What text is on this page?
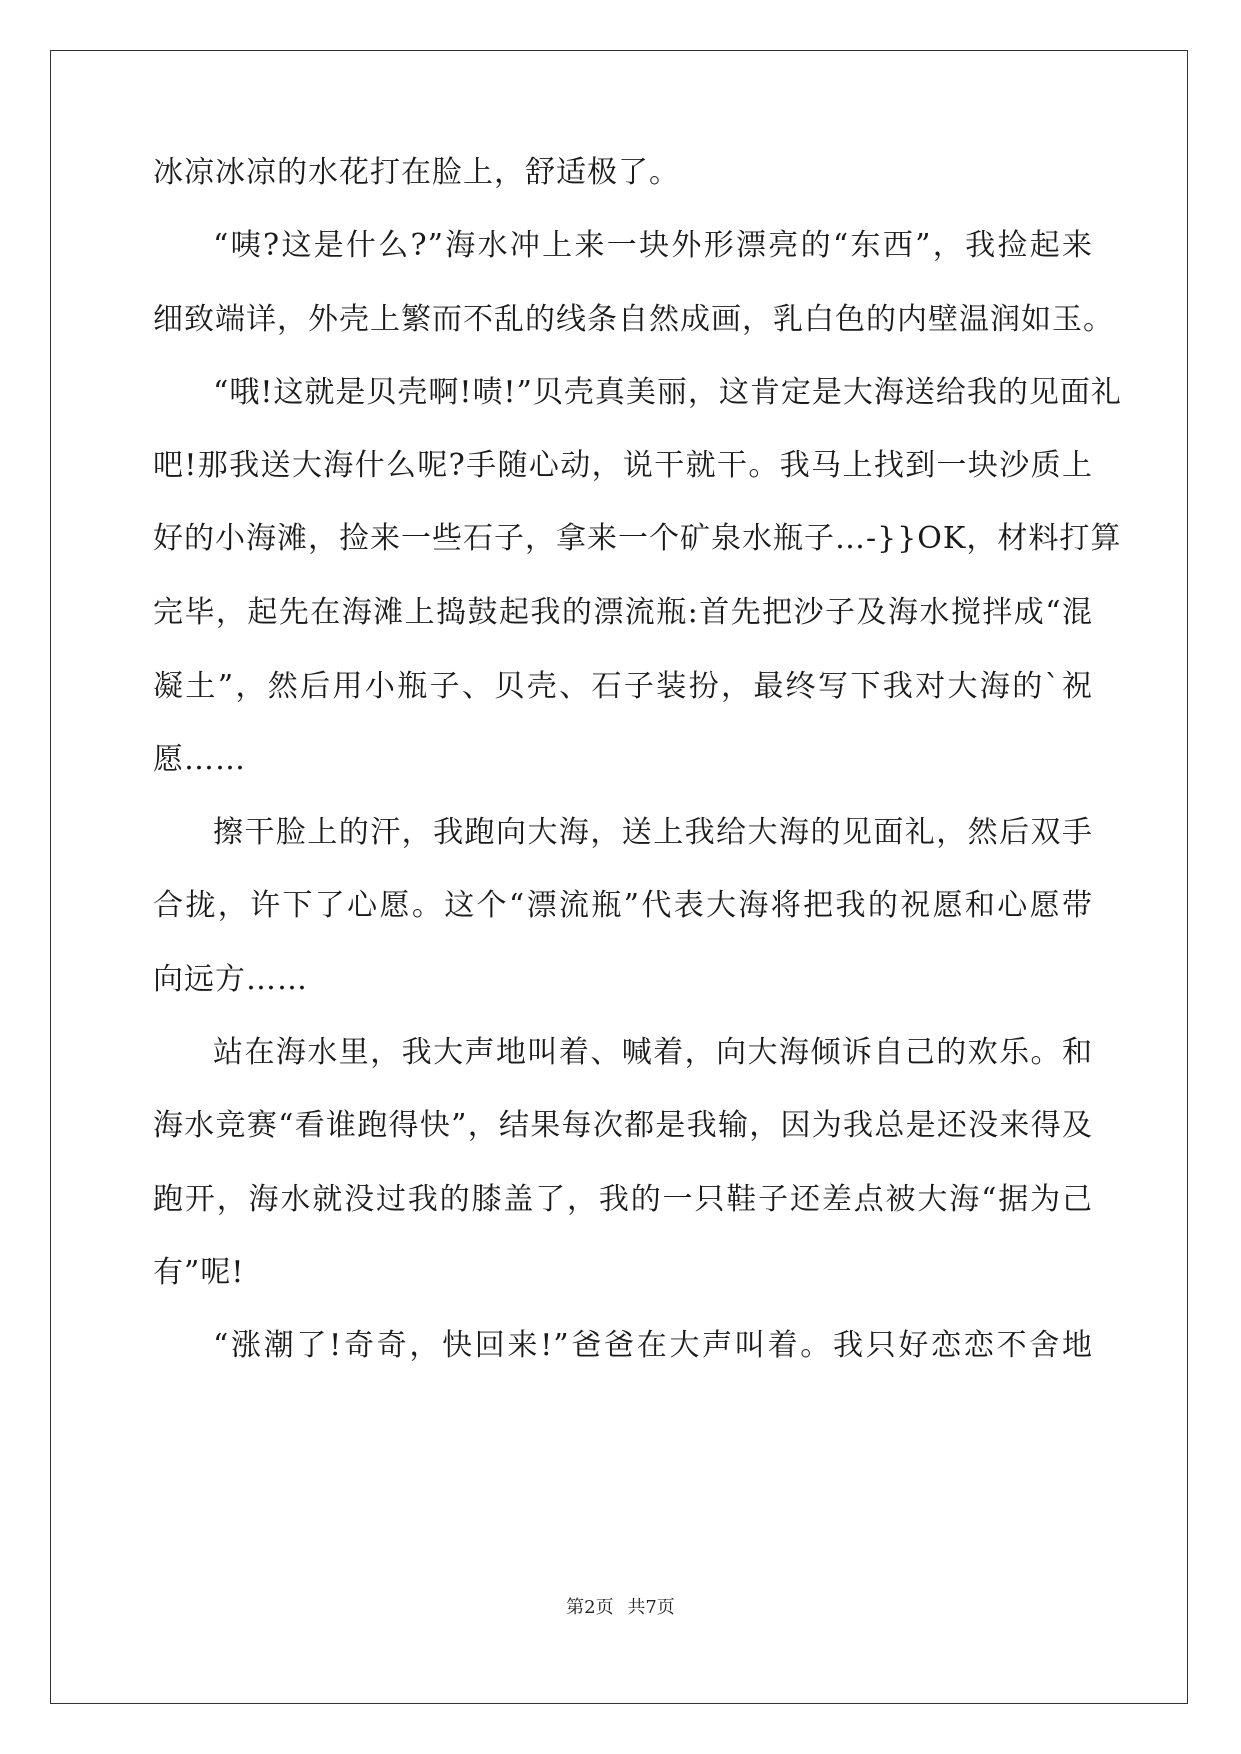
冰凉冰凉的水花打在脸上，舒适极了。
“咦?这是什么?”海水冲上来一块外形漂亮的“东西”，我捡起来
细致端详，外壳上繁而不乱的线条自然成画，乳白色的内壁温润如玉。
“哦!这就是贝壳啊!啧!”贝壳真美丽，这肯定是大海送给我的见面礼
吧!那我送大海什么呢?手随心动，说干就干。我马上找到一块沙质上
好的小海滩，捡来一些石子，拿来一个矿泉水瓶子…-}}OK，材料打算
完毕，起先在海滩上捣鼓起我的漂流瓶:首先把沙子及海水搅拌成“混
凝土”，然后用小瓶子、贝壳、石子装扮，最终写下我对大海的`祝
愿……
擦干脸上的汗，我跑向大海，送上我给大海的见面礼，然后双手
合拢，许下了心愿。这个“漂流瓶”代表大海将把我的祝愿和心愿带
向远方……
站在海水里，我大声地叫着、喊着，向大海倾诉自己的欢乐。和
海水竞赛“看谁跑得快”，结果每次都是我输，因为我总是还没来得及
跑开，海水就没过我的膝盖了，我的一只鞋子还差点被大海“据为己
有”呢!
“涨潮了!奇奇，快回来!”爸爸在大声叫着。我只好恋恋不舍地
第2页 共7页
